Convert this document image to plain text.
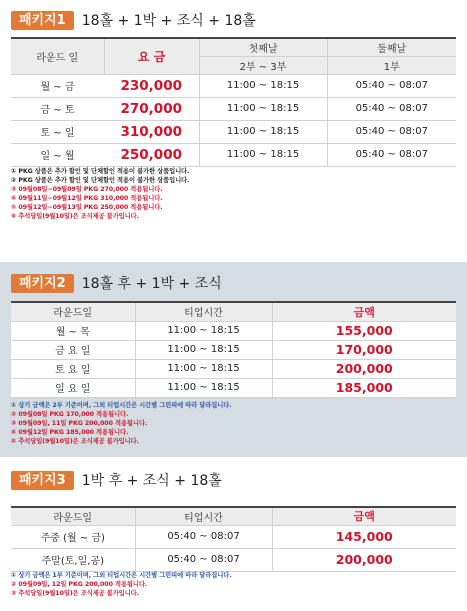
패키지1	18홀 + 1박 + 조식 + 18홀
라운드 일	요 금	첫째날	둘째날
		2부 ~ 3부	1부
월 ~ 금	230,000	11:00 ~ 18:15	05:40 ~ 08:07
금 ~ 토	270,000	11:00 ~ 18:15	05:40 ~ 08:07
토 ~ 일	310,000	11:00 ~ 18:15	05:40 ~ 08:07
일 ~ 월	250,000	11:00 ~ 18:15	05:40 ~ 08:07
① PKG 상품은 추가 할인 및 단체할인 적용이 불가한 상품입니다.
② PKG 상품은 추가 할인 및 단체할인 적용이 불가한 상품입니다.
③ 09월08일~09월09일 PKG 270,000 적용됩니다.
④ 09월11일~09월12일 PKG 310,000 적용됩니다.
⑤ 09월12일~09월13일 PKG 250,000 적용됩니다.
⑥ 추석당일(9월10일)은 조식제공 불가입니다.
패키지2	18홀 후 + 1박 + 조식
라운드일	티업시간	금액
월 ~ 목	11:00 ~ 18:15	155,000
금 요 일	11:00 ~ 18:15	170,000
토 요 일	11:00 ~ 18:15	200,000
일 요 일	11:00 ~ 18:15	185,000
① 상기 금액은 2부 기준이며, 그외 티업시간은 시간별 그린피에 따라 달라집니다.
② 09월08일 PKG 170,000 적용됩니다.
③ 09월09일, 11일 PKG 200,000 적용됩니다.
④ 09월12일 PKG 185,000 적용됩니다.
⑤ 추석당일(9월10일)은 조식제공 불가입니다.
패키지3	1박 후 + 조식 + 18홀
라운드일	티업시간	금액
주중 (월 ~ 금)	05:40 ~ 08:07	145,000
주말(토,일,공)	05:40 ~ 08:07	200,000
① 상기 금액은 1부 기준이며, 그외 티업시간은 시간별 그린피에 따라 달라집니다.
② 09월09일, 12일 PKG 200,000 적용됩니다.
③ 추석당일(9월10일)은 조식제공 불가입니다.
